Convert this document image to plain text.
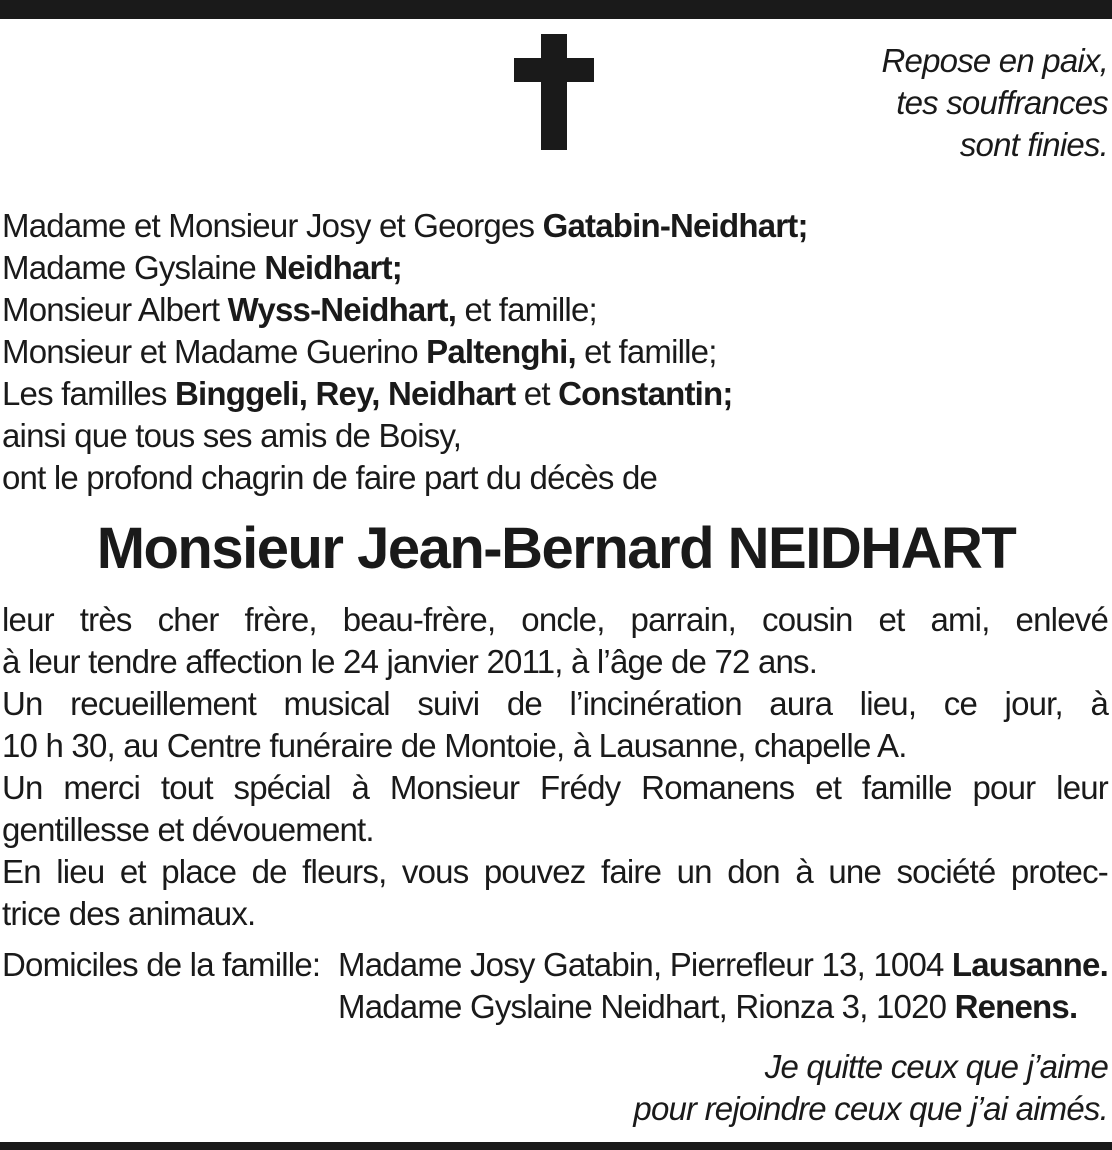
Repose en paix,
tes souffrances
sont finies.
Madame et Monsieur Josy et Georges Gatabin-Neidhart;
Madame Gyslaine Neidhart;
Monsieur Albert Wyss-Neidhart, et famille;
Monsieur et Madame Guerino Paltenghi, et famille;
Les familles Binggeli, Rey, Neidhart et Constantin;
ainsi que tous ses amis de Boisy,
ont le profond chagrin de faire part du décès de
Monsieur Jean-Bernard NEIDHART
leur très cher frère, beau-frère, oncle, parrain, cousin et ami, enlevé
à leur tendre affection le 24 janvier 2011, à l’âge de 72 ans.
Un recueillement musical suivi de l’incinération aura lieu, ce jour, à
10 h 30, au Centre funéraire de Montoie, à Lausanne, chapelle A.
Un merci tout spécial à Monsieur Frédy Romanens et famille pour leur
gentillesse et dévouement.
En lieu et place de fleurs, vous pouvez faire un don à une société protec-
trice des animaux.
Domiciles de la famille: Madame Josy Gatabin, Pierrefleur 13, 1004 Lausanne.
Madame Gyslaine Neidhart, Rionza 3, 1020 Renens.
Je quitte ceux que j’aime
pour rejoindre ceux que j’ai aimés.
